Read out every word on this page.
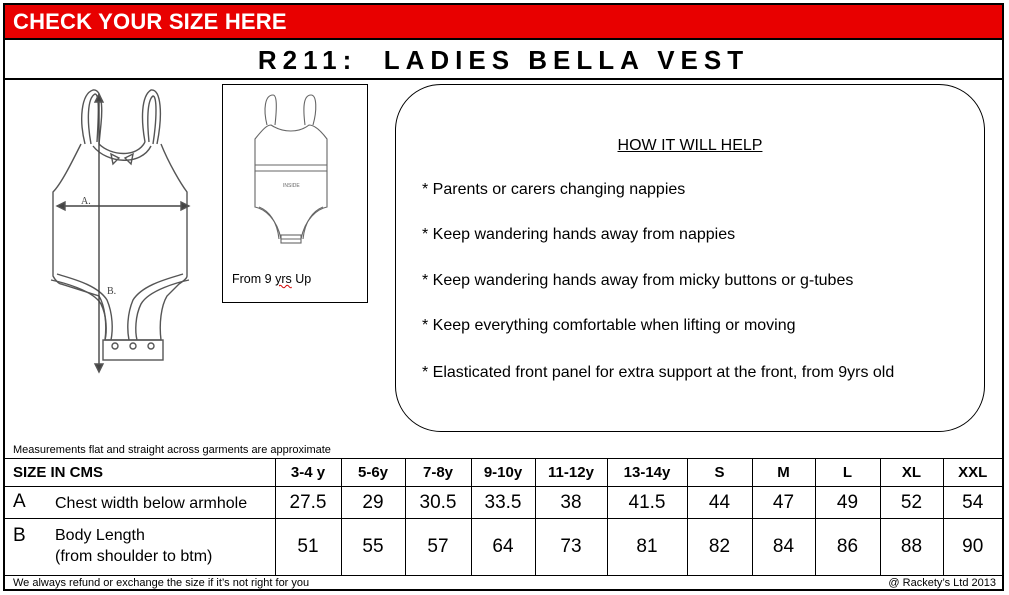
CHECK YOUR SIZE HERE
R211:  LADIES BELLA VEST
A.
B.
INSIDE
From 9 yrs Up
HOW IT WILL HELP
* Parents or carers changing nappies
* Keep wandering hands away from nappies
* Keep wandering hands away from micky buttons or g-tubes
* Keep everything comfortable when lifting or moving
* Elasticated front panel for extra support at the front, from 9yrs old
Measurements flat and straight across garments are approximate
SIZE IN CMS	3-4 y	5-6y	7-8y	9-10y	11-12y	13-14y	S	M	L	XL	XXL

A Chest width below armhole	27.5	29	30.5	33.5	38	41.5	44	47	49	52	54

B Body Length
(from shoulder to btm)	51	55	57	64	73	81	82	84	86	88	90
We always refund or exchange the size if it’s not right for you	@ Rackety’s Ltd 2013
